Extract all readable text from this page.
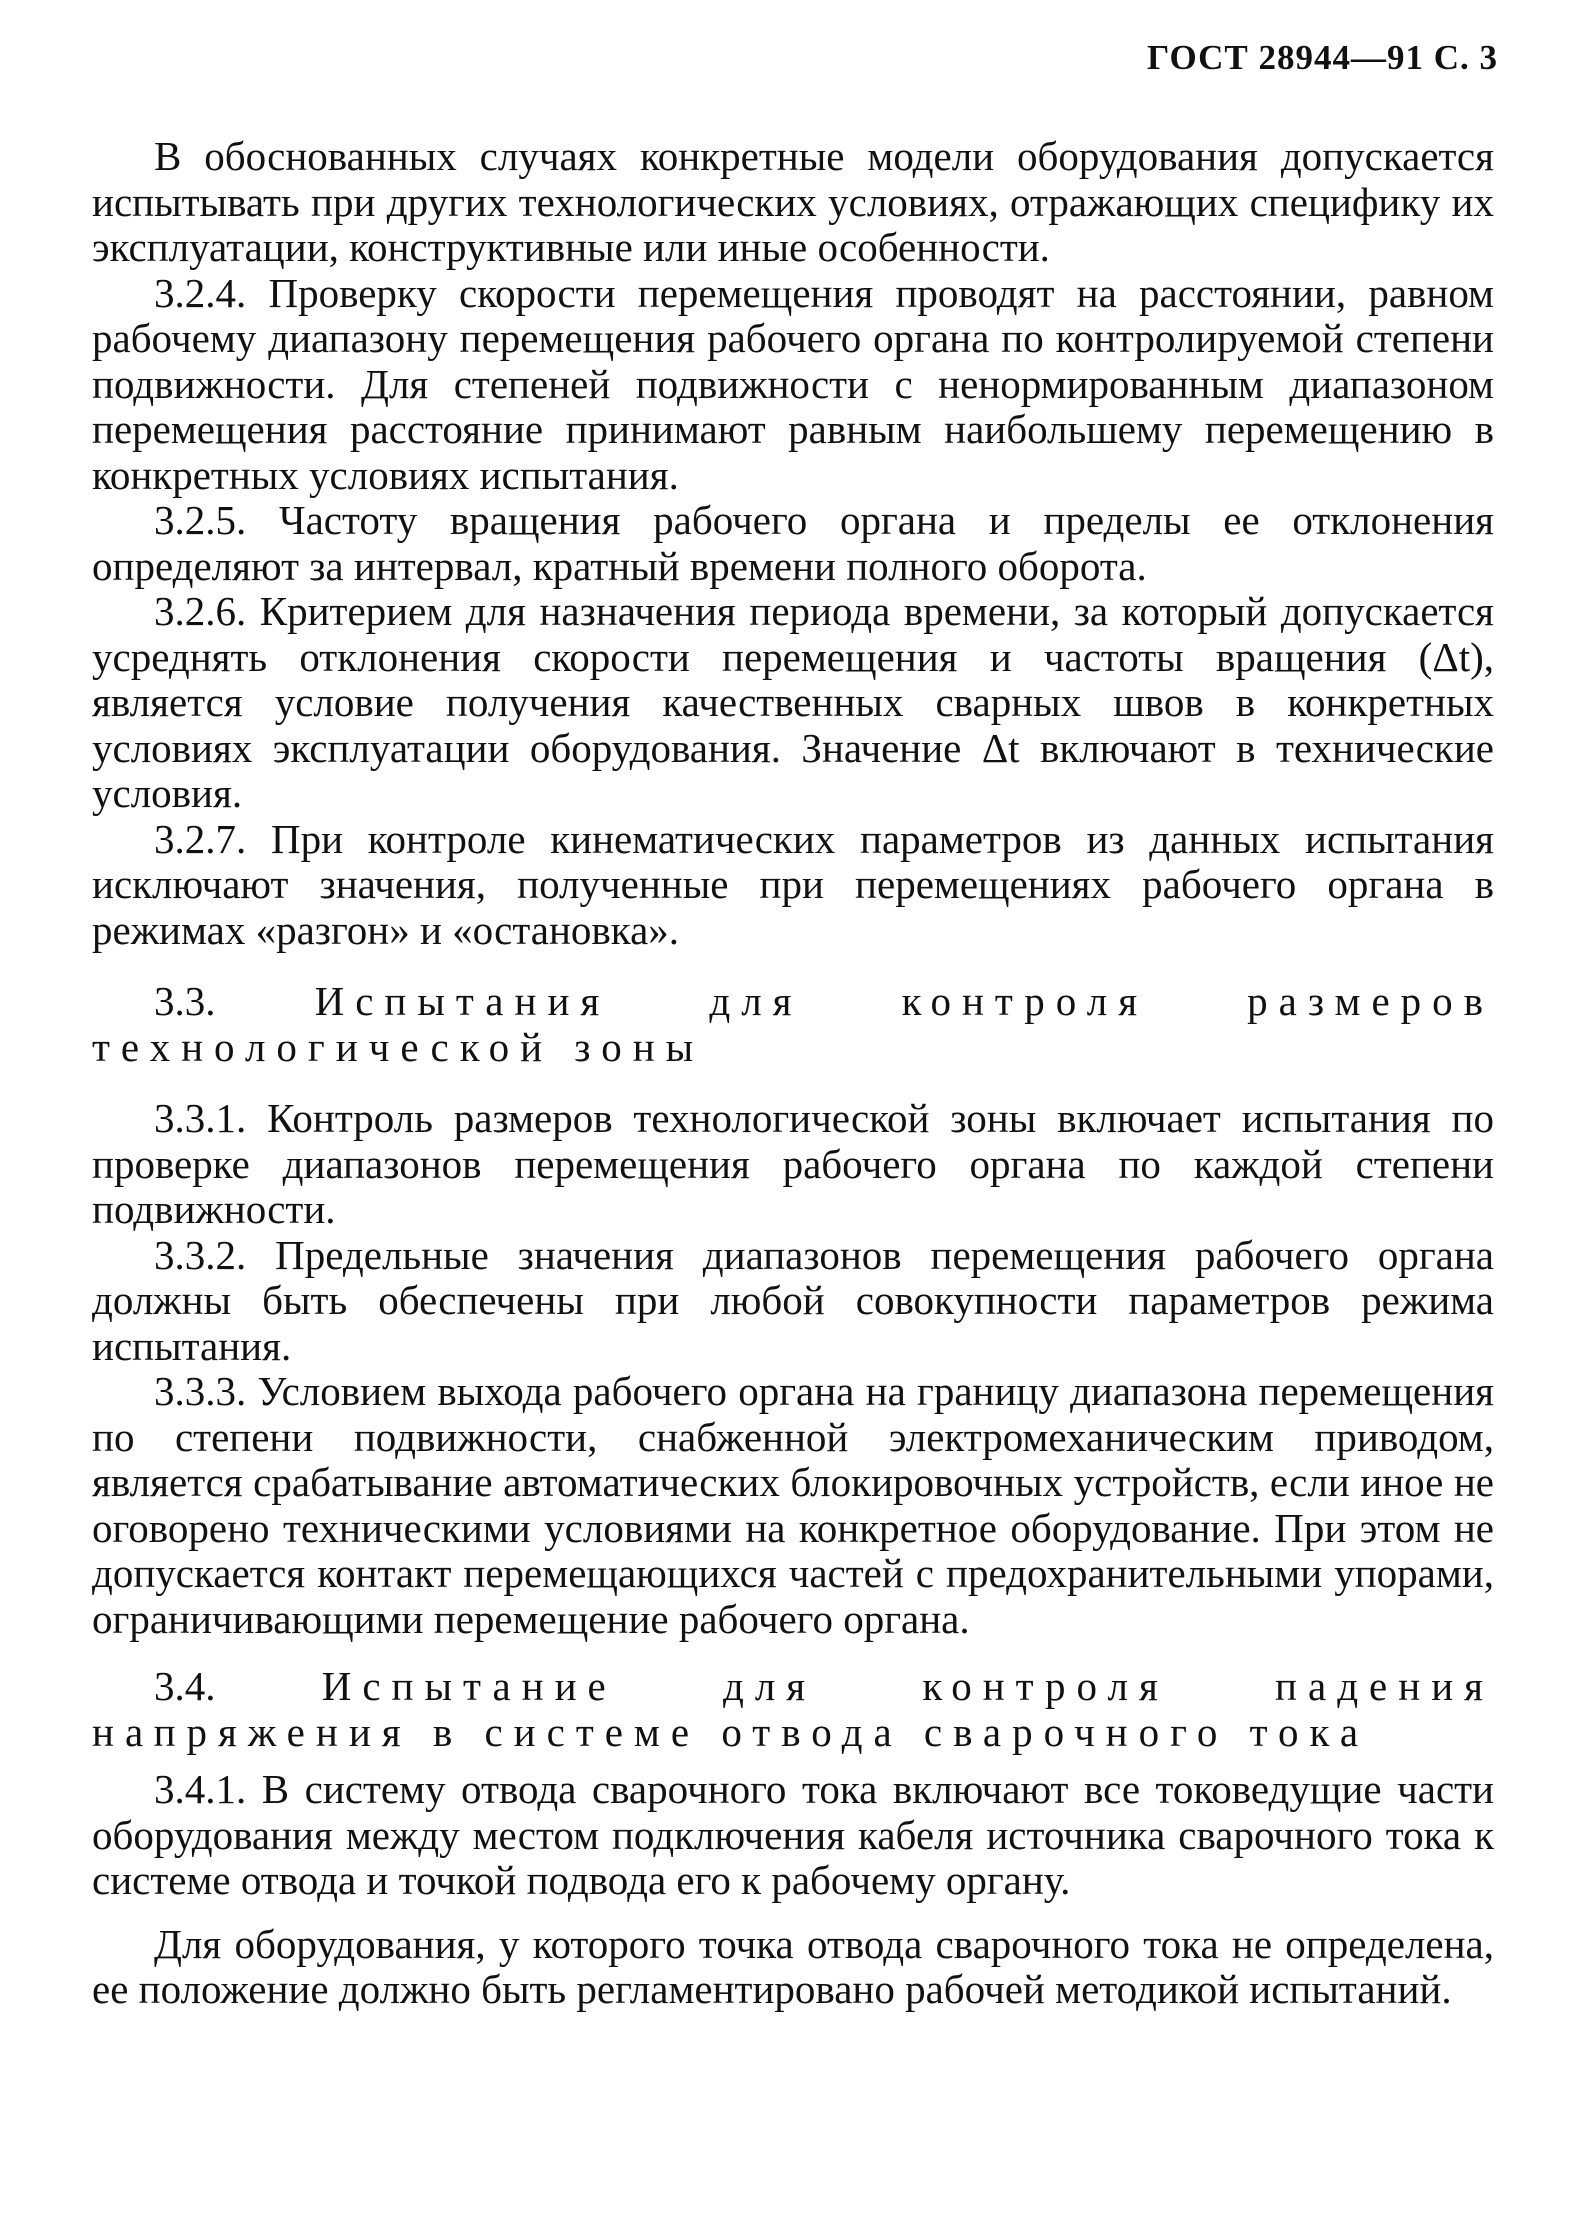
ГОСТ 28944—91 С. 3

В обоснованных случаях конкретные модели оборудования допускается испытывать при других технологических условиях, отражающих специфику их эксплуатации, конструктивные или иные особенности.

3.2.4. Проверку скорости перемещения проводят на расстоянии, равном рабочему диапазону перемещения рабочего органа по контролируемой степени подвижности. Для степеней подвижности с ненормированным диапазоном перемещения расстояние принимают равным наибольшему перемещению в конкретных условиях испытания.

3.2.5. Частоту вращения рабочего органа и пределы ее отклонения определяют за интервал, кратный времени полного оборота.

3.2.6. Критерием для назначения периода времени, за который допускается усреднять отклонения скорости перемещения и частоты вращения (Δt), является условие получения качественных сварных швов в конкретных условиях эксплуатации оборудования. Значение Δt включают в технические условия.

3.2.7. При контроле кинематических параметров из данных испытания исключают значения, полученные при перемещениях рабочего органа в режимах «разгон» и «остановка».

3.3. Испытания для контроля размеров технологической зоны

3.3.1. Контроль размеров технологической зоны включает испытания по проверке диапазонов перемещения рабочего органа по каждой степени подвижности.

3.3.2. Предельные значения диапазонов перемещения рабочего органа должны быть обеспечены при любой совокупности параметров режима испытания.

3.3.3. Условием выхода рабочего органа на границу диапазона перемещения по степени подвижности, снабженной электромеханическим приводом, является срабатывание автоматических блокировочных устройств, если иное не оговорено техническими условиями на конкретное оборудование. При этом не допускается контакт перемещающихся частей с предохранительными упорами, ограничивающими перемещение рабочего органа.

3.4.	Испытание для контроля падения напряжения в системе отвода сварочного тока

3.4.1. В систему отвода сварочного тока включают все токоведущие части оборудования между местом подключения кабеля источника сварочного тока к системе отвода и точкой подвода его к рабочему органу.

Для оборудования, у которого точка отвода сварочного тока не определена, ее положение должно быть регламентировано рабочей методикой испытаний.
